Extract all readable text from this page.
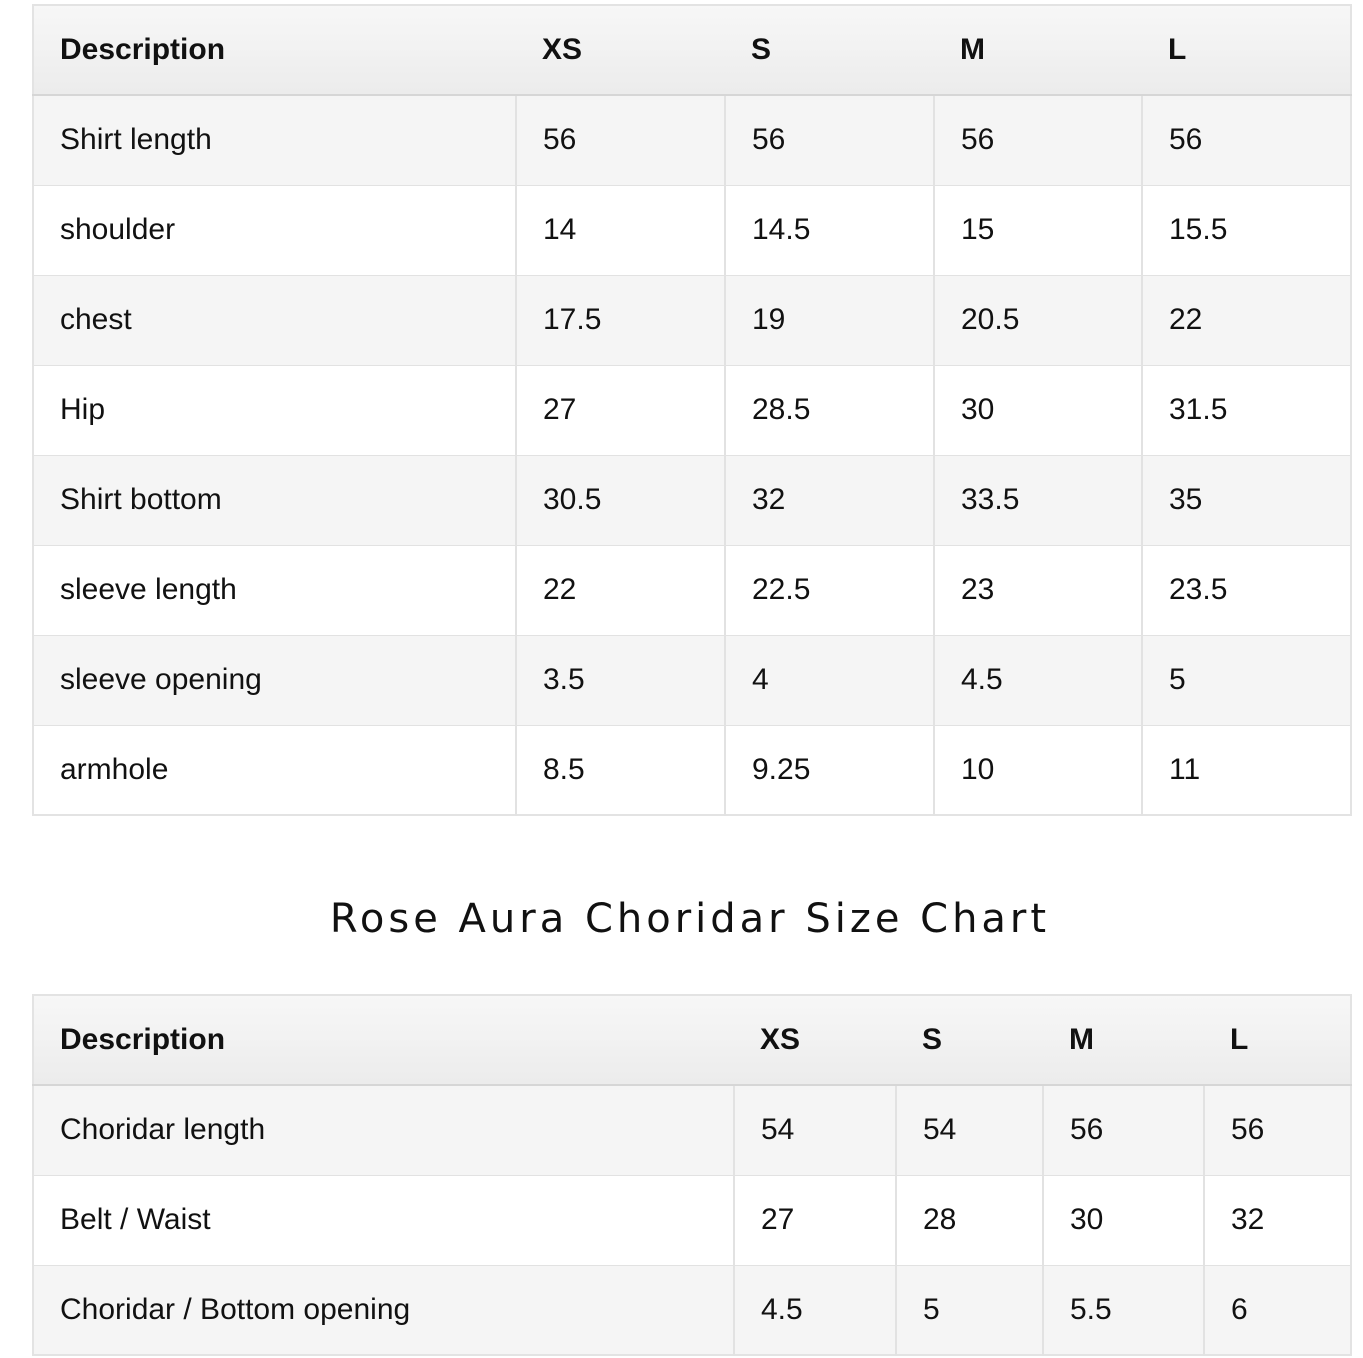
Description	XS	S	M	L
Shirt length	56	56	56	56
shoulder	14	14.5	15	15.5
chest	17.5	19	20.5	22
Hip	27	28.5	30	31.5
Shirt bottom	30.5	32	33.5	35
sleeve length	22	22.5	23	23.5
sleeve opening	3.5	4	4.5	5
armhole	8.5	9.25	10	11
Rose Aura Choridar Size Chart
Description	XS	S	M	L
Choridar length	54	54	56	56
Belt / Waist	27	28	30	32
Choridar / Bottom opening	4.5	5	5.5	6
